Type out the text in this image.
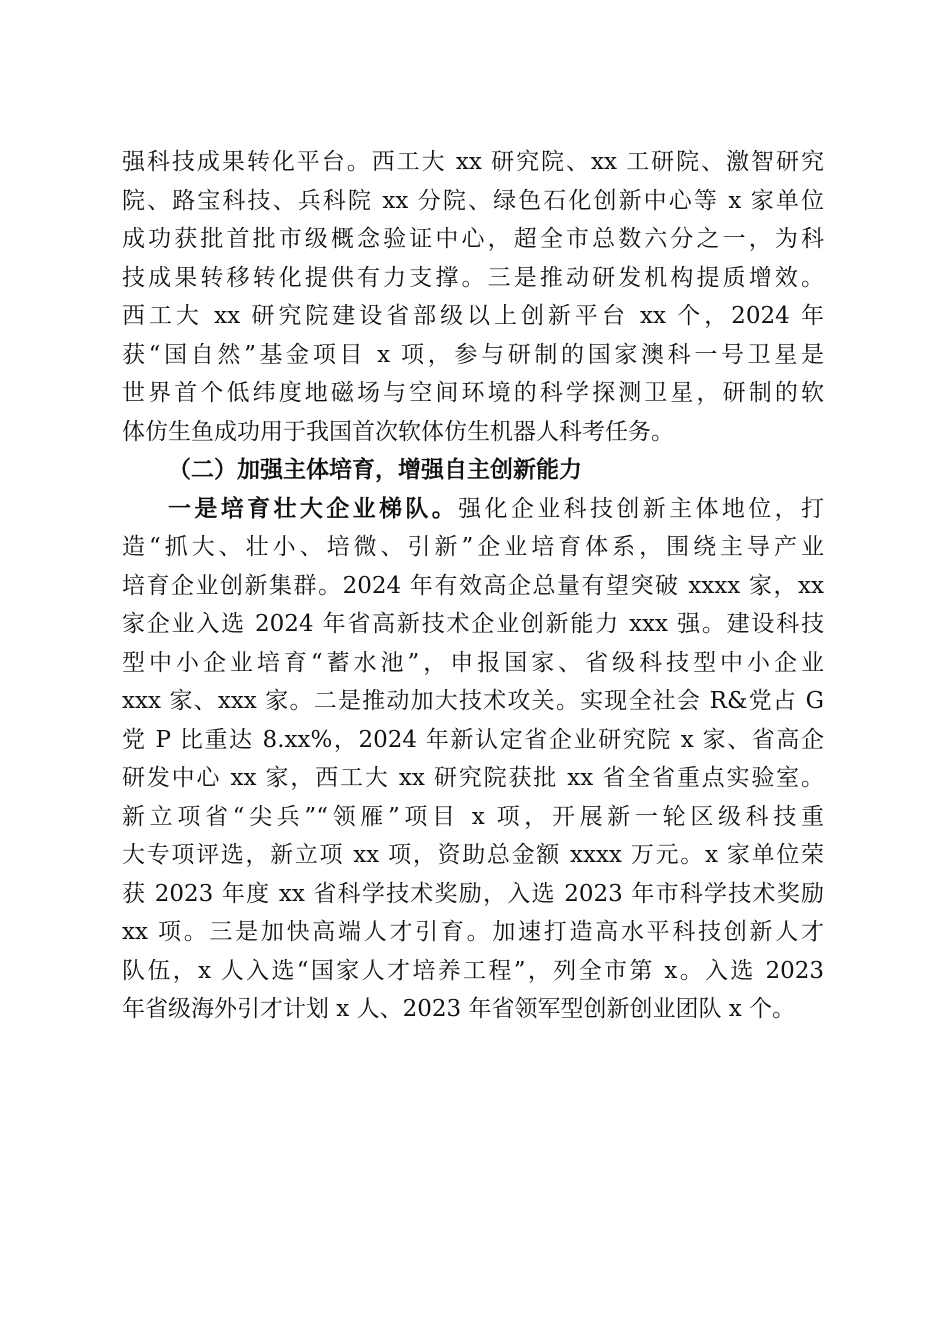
强科技成果转化平台。西工大 xx 研究院、xx 工研院、激智研究
院、路宝科技、兵科院 xx 分院、绿色石化创新中心等 x 家单位
成功获批首批市级概念验证中心，超全市总数六分之一，为科
技成果转移转化提供有力支撑。三是推动研发机构提质增效。
西工大 xx 研究院建设省部级以上创新平台 xx 个，2024 年
获“国自然”基金项目 x 项，参与研制的国家澳科一号卫星是
世界首个低纬度地磁场与空间环境的科学探测卫星，研制的软
体仿生鱼成功用于我国首次软体仿生机器人科考任务。
（二）加强主体培育，增强自主创新能力
一是培育壮大企业梯队。强化企业科技创新主体地位，打
造“抓大、壮小、培微、引新”企业培育体系，围绕主导产业
培育企业创新集群。2024 年有效高企总量有望突破 xxxx 家，xx
家企业入选 2024 年省高新技术企业创新能力 xxx 强。建设科技
型中小企业培育“蓄水池”，申报国家、省级科技型中小企业
xxx 家、xxx 家。二是推动加大技术攻关。实现全社会 R&党占 G
党 P 比重达 8.xx%，2024 年新认定省企业研究院 x 家、省高企
研发中心 xx 家，西工大 xx 研究院获批 xx 省全省重点实验室。
新立项省“尖兵”“领雁”项目 x 项，开展新一轮区级科技重
大专项评选，新立项 xx 项，资助总金额 xxxx 万元。x 家单位荣
获 2023 年度 xx 省科学技术奖励，入选 2023 年市科学技术奖励
xx 项。三是加快高端人才引育。加速打造高水平科技创新人才
队伍，x 人入选“国家人才培养工程”，列全市第 x。入选 2023
年省级海外引才计划 x 人、2023 年省领军型创新创业团队 x 个。
